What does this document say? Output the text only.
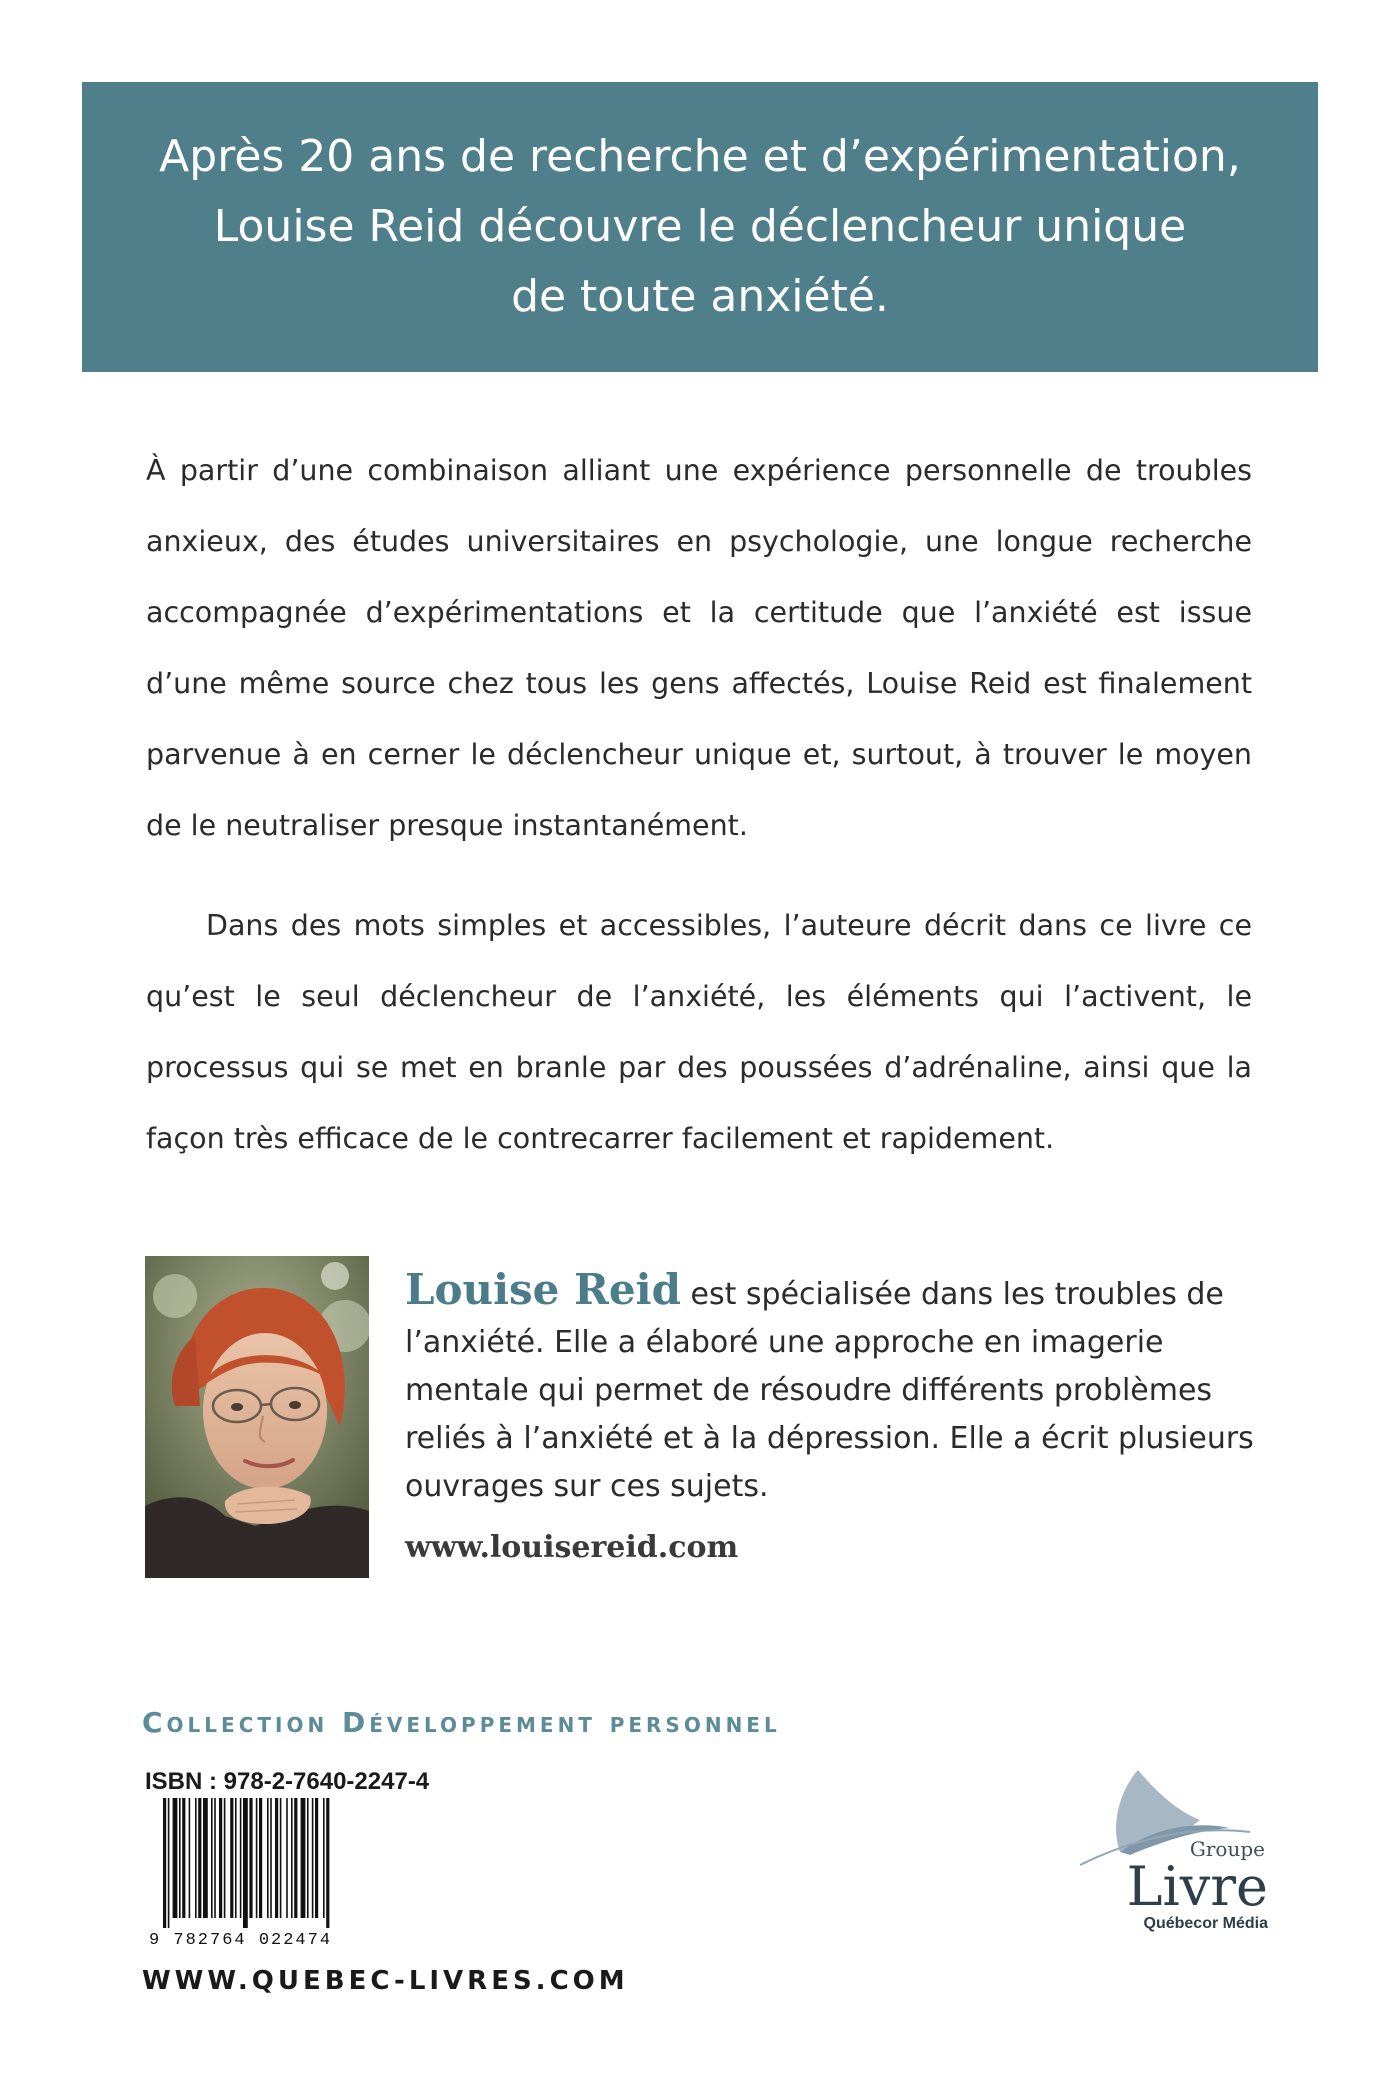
Après 20 ans de recherche et d’expérimentation,
Louise Reid découvre le déclencheur unique
de toute anxiété.

À partir d’une combinaison alliant une expérience personnelle de troubles anxieux, des études universitaires en psychologie, une longue recherche accompagnée d’expérimentations et la certitude que l’anxiété est issue d’une même source chez tous les gens affectés, Louise Reid est finalement parvenue à en cerner le déclencheur unique et, surtout, à trouver le moyen de le neutraliser presque instantanément.

Dans des mots simples et accessibles, l’auteure décrit dans ce livre ce qu’est le seul déclencheur de l’anxiété, les éléments qui l’activent, le processus qui se met en branle par des poussées d’adrénaline, ainsi que la façon très efficace de le contrecarrer facilement et rapidement.

Louise Reid est spécialisée dans les troubles de l’anxiété. Elle a élaboré une approche en imagerie mentale qui permet de résoudre différents problèmes reliés à l’anxiété et à la dépression. Elle a écrit plusieurs ouvrages sur ces sujets.

www.louisereid.com
Collection Développement personnel
ISBN : 978-2-7640-2247-4
9 782764 022474
WWW.QUEBEC-LIVRES.COM
Groupe
Livre
Québecor Média
